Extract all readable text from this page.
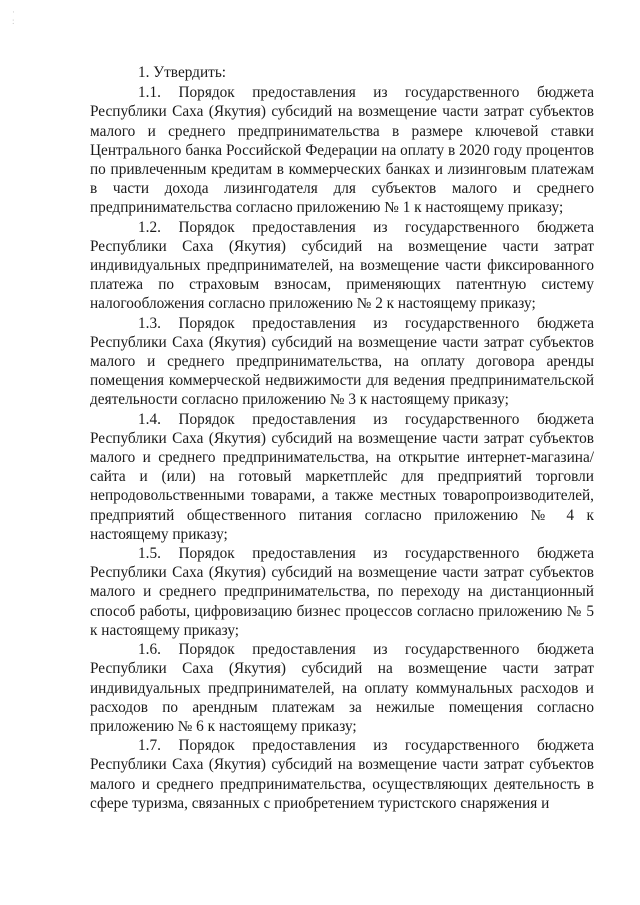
·
:

1. Утвердить:

1.1. Порядок предоставления из государственного бюджета Республики Саха (Якутия) субсидий на возмещение части затрат субъектов малого и среднего предпринимательства в размере ключевой ставки Центрального банка Российской Федерации на оплату в 2020 году процентов по привлеченным кредитам в коммерческих банках и лизинговым платежам в части дохода лизингодателя для субъектов малого и среднего предпринимательства согласно приложению № 1 к настоящему приказу;

1.2. Порядок предоставления из государственного бюджета Республики Саха (Якутия) субсидий на возмещение части затрат индивидуальных предпринимателей, на возмещение части фиксированного платежа по страховым взносам, применяющих патентную систему налогообложения согласно приложению № 2 к настоящему приказу;

1.3. Порядок предоставления из государственного бюджета Республики Саха (Якутия) субсидий на возмещение части затрат субъектов малого и среднего предпринимательства, на оплату договора аренды помещения коммерческой недвижимости для ведения предпринимательской деятельности согласно приложению № 3 к настоящему приказу;

1.4. Порядок предоставления из государственного бюджета Республики Саха (Якутия) субсидий на возмещение части затрат субъектов малого и среднего предпринимательства, на открытие интернет-магазина/сайта и (или) на готовый маркетплейс для предприятий торговли непродовольственными товарами, а также местных товаропроизводителей, предприятий общественного питания согласно приложению № 4 к настоящему приказу;

1.5. Порядок предоставления из государственного бюджета Республики Саха (Якутия) субсидий на возмещение части затрат субъектов малого и среднего предпринимательства, по переходу на дистанционный способ работы, цифровизацию бизнес процессов согласно приложению № 5 к настоящему приказу;

1.6. Порядок предоставления из государственного бюджета Республики Саха (Якутия) субсидий на возмещение части затрат индивидуальных предпринимателей, на оплату коммунальных расходов и расходов по арендным платежам за нежилые помещения согласно приложению № 6 к настоящему приказу;

1.7. Порядок предоставления из государственного бюджета Республики Саха (Якутия) субсидий на возмещение части затрат субъектов малого и среднего предпринимательства, осуществляющих деятельность в сфере туризма, связанных с приобретением туристского снаряжения и
